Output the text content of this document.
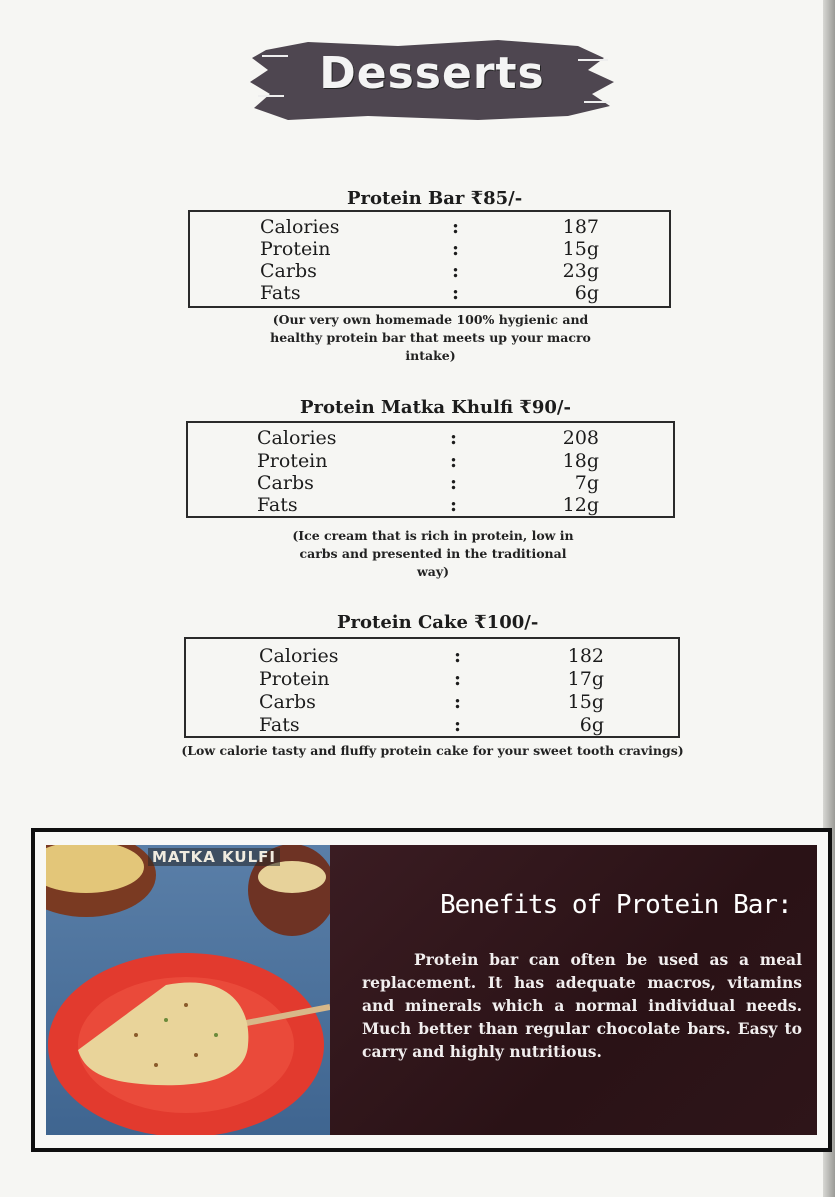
Desserts
Protein Bar ₹85/-
Calories	:	187
Protein	:	15g
Carbs	:	23g
Fats	:	6g
(Our very own homemade 100% hygienic and healthy protein bar that meets up your macro intake)
Protein Matka Khulfi ₹90/-
Calories	:	208
Protein	:	18g
Carbs	:	7g
Fats	:	12g
(Ice cream that is rich in protein, low in carbs and presented in the traditional way)
Protein Cake ₹100/-
Calories	:	182
Protein	:	17g
Carbs	:	15g
Fats	:	6g
(Low calorie tasty and fluffy protein cake for your sweet tooth cravings)
MATKA KULFI
Benefits of Protein Bar:
Protein bar can often be used as a meal replacement. It has adequate macros, vitamins and minerals which a normal individual needs. Much better than regular chocolate bars. Easy to carry and highly nutritious.
